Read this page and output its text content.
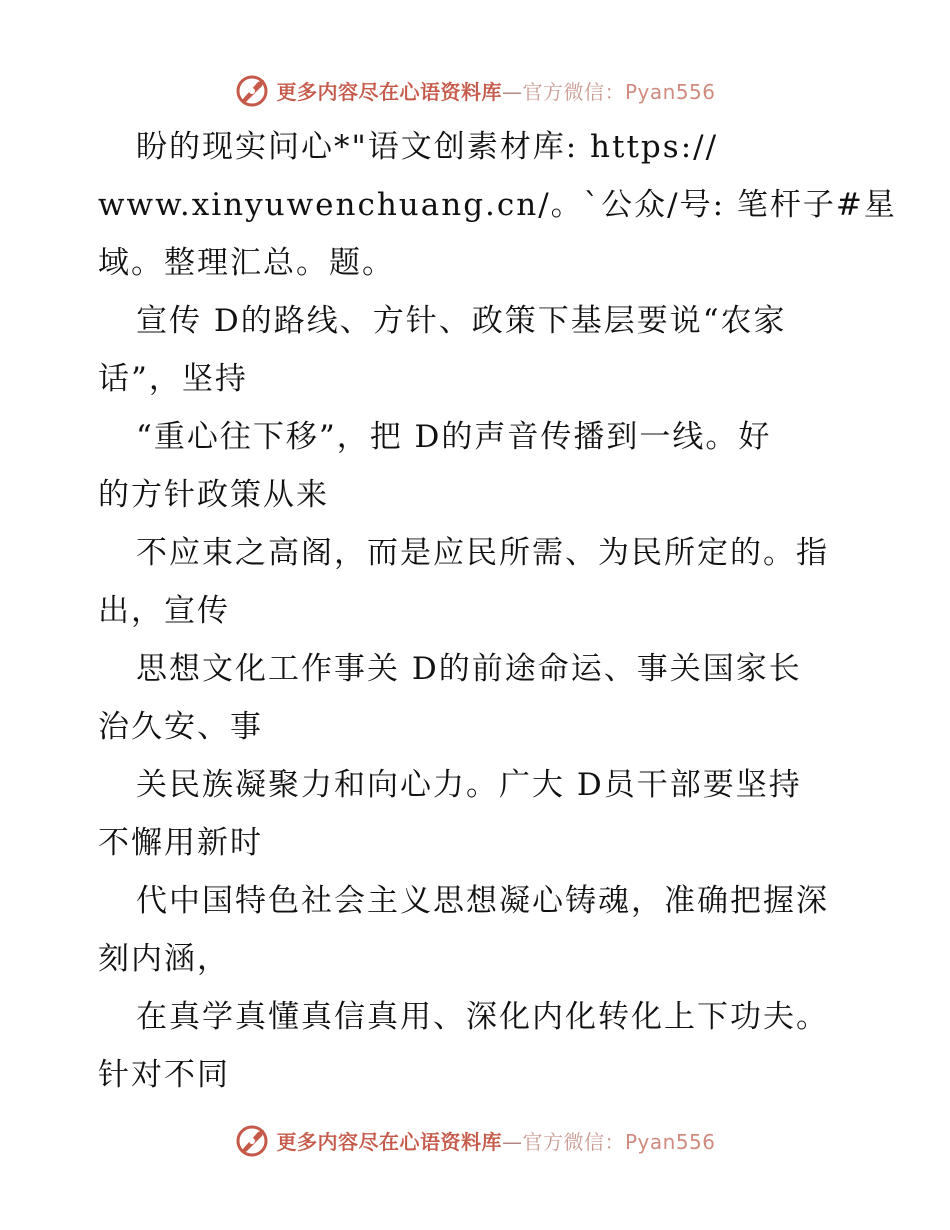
更多内容尽在心语资料库—官方微信：Pyan556
盼的现实问心*"语文创素材库: https://
www.xinyuwenchuang.cn/。`公众/号: 笔杆子#星
域。整理汇总。题。
宣传 D的路线、方针、政策下基层要说“农家
话”，坚持
“重心往下移”，把 D的声音传播到一线。好
的方针政策从来
不应束之高阁，而是应民所需、为民所定的。指
出，宣传
思想文化工作事关 D的前途命运、事关国家长
治久安、事
关民族凝聚力和向心力。广大 D员干部要坚持
不懈用新时
代中国特色社会主义思想凝心铸魂，准确把握深
刻内涵，
在真学真懂真信真用、深化内化转化上下功夫。
针对不同
更多内容尽在心语资料库—官方微信：Pyan556
